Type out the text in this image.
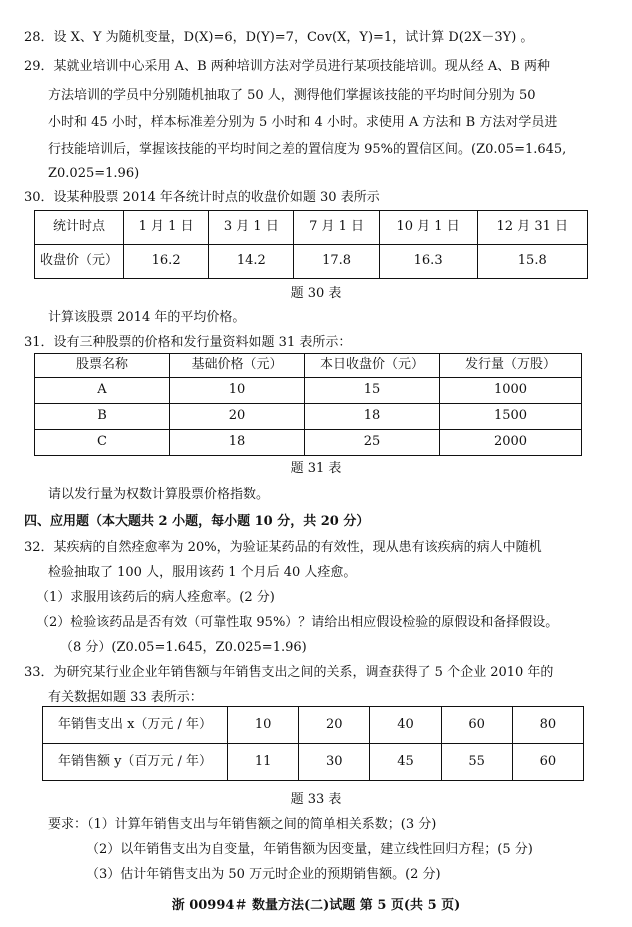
28．设 X、Y 为随机变量，D(X)=6，D(Y)=7，Cov(X，Y)=1，试计算 D(2X－3Y) 。
29．某就业培训中心采用 A、B 两种培训方法对学员进行某项技能培训。现从经 A、B 两种
方法培训的学员中分别随机抽取了 50 人，测得他们掌握该技能的平均时间分别为 50
小时和 45 小时，样本标准差分别为 5 小时和 4 小时。求使用 A 方法和 B 方法对学员进
行技能培训后，掌握该技能的平均时间之差的置信度为 95%的置信区间。(Z0.05=1.645,
Z0.025=1.96)
30．设某种股票 2014 年各统计时点的收盘价如题 30 表所示
统计时点	1 月 1 日	3 月 1 日	7 月 1 日	10 月 1 日	12 月 31 日
收盘价（元）	16.2	14.2	17.8	16.3	15.8
题 30 表
计算该股票 2014 年的平均价格。
31．设有三种股票的价格和发行量资料如题 31 表所示：
股票名称	基础价格（元）	本日收盘价（元）	发行量（万股）
A	10	15	1000
B	20	18	1500
C	18	25	2000
题 31 表
请以发行量为权数计算股票价格指数。
四、应用题（本大题共 2 小题，每小题 10 分，共 20 分）
32．某疾病的自然痊愈率为 20%，为验证某药品的有效性，现从患有该疾病的病人中随机
检验抽取了 100 人，服用该药 1 个月后 40 人痊愈。
（1）求服用该药后的病人痊愈率。(2 分)
（2）检验该药品是否有效（可靠性取 95%）？请给出相应假设检验的原假设和备择假设。
（8 分）(Z0.05=1.645，Z0.025=1.96)
33．为研究某行业企业年销售额与年销售支出之间的关系，调查获得了 5 个企业 2010 年的
有关数据如题 33 表所示：
年销售支出 x（万元 / 年）	10	20	40	60	80
年销售额 y（百万元 / 年）	11	30	45	55	60
题 33 表
要求：（1）计算年销售支出与年销售额之间的简单相关系数；(3 分)
（2）以年销售支出为自变量，年销售额为因变量，建立线性回归方程；(5 分)
（3）估计年销售支出为 50 万元时企业的预期销售额。(2 分)
浙 00994＃ 数量方法(二)试题 第 5 页(共 5 页)
